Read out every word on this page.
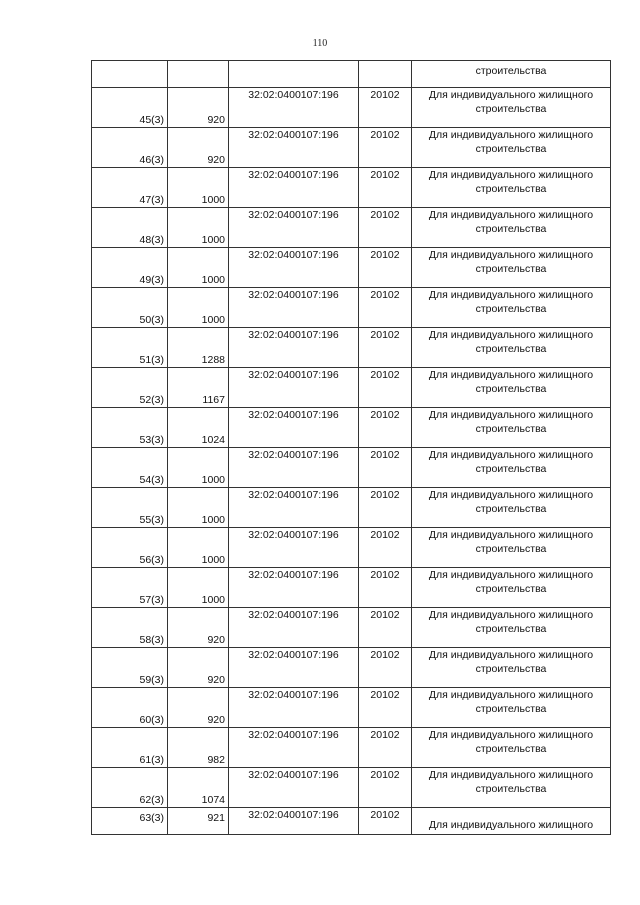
110
				строительства
45(3)	920	32:02:0400107:196	20102	Для индивидуального жилищного
строительства
46(3)	920	32:02:0400107:196	20102	Для индивидуального жилищного
строительства
47(3)	1000	32:02:0400107:196	20102	Для индивидуального жилищного
строительства
48(3)	1000	32:02:0400107:196	20102	Для индивидуального жилищного
строительства
49(3)	1000	32:02:0400107:196	20102	Для индивидуального жилищного
строительства
50(3)	1000	32:02:0400107:196	20102	Для индивидуального жилищного
строительства
51(3)	1288	32:02:0400107:196	20102	Для индивидуального жилищного
строительства
52(3)	1167	32:02:0400107:196	20102	Для индивидуального жилищного
строительства
53(3)	1024	32:02:0400107:196	20102	Для индивидуального жилищного
строительства
54(3)	1000	32:02:0400107:196	20102	Для индивидуального жилищного
строительства
55(3)	1000	32:02:0400107:196	20102	Для индивидуального жилищного
строительства
56(3)	1000	32:02:0400107:196	20102	Для индивидуального жилищного
строительства
57(3)	1000	32:02:0400107:196	20102	Для индивидуального жилищного
строительства
58(3)	920	32:02:0400107:196	20102	Для индивидуального жилищного
строительства
59(3)	920	32:02:0400107:196	20102	Для индивидуального жилищного
строительства
60(3)	920	32:02:0400107:196	20102	Для индивидуального жилищного
строительства
61(3)	982	32:02:0400107:196	20102	Для индивидуального жилищного
строительства
62(3)	1074	32:02:0400107:196	20102	Для индивидуального жилищного
строительства
63(3)	921	32:02:0400107:196	20102	Для индивидуального жилищного
